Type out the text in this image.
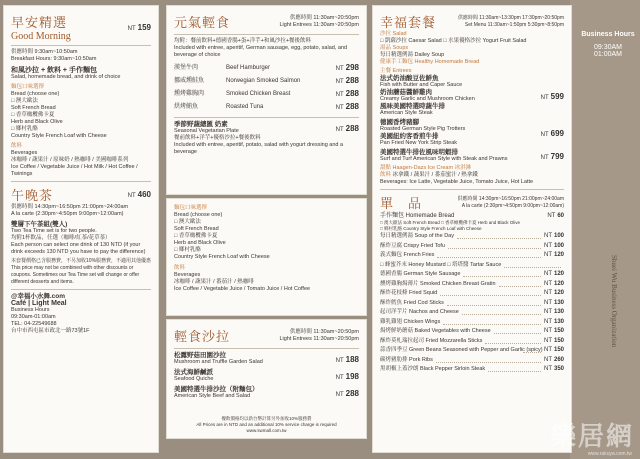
早安精選
Good Morning
NT 159
供應時間 9:30am~10:50am
Breakfast Hours: 9:30am~10:50am
和風沙拉 + 飲料 + 手作麵包
Salad, homemade bread, and drink of choice
麵包口味選擇
Bread (choose one)
□ 澳大歐法
Soft French Bread
□ 香草橄欖佛卡夏
Herb and Black Olive
□ 鄉村乳酪
Country Style French Loaf with Cheese
飲料
Beverages
冰咖啡 / 蔬果汁 / 原味奶 / 熱咖啡 / 美國咖啡系列
Ice Coffee / Vegetable Juice / Hot Milk / Hot Coffee / Twinings
午晚茶	NT 460
供應時間 14:30pm~16:50pm 21:00pm~24:00am
A la carte (2:30pm~4:50pm 9:00pm~12:00am)
雙層下午茶組(雙人)
Two Tea Time set is for two people.
均附1杯飲品，任選（咖啡/紅茶/花草茶）
Each person can select one drink of 130 NTD (if your drink exceeds 130 NTD you have to pay the difference)
本套餐價格已含服務費，不另加收10%服務費，不適用其他優惠
This price may not be combined with other discounts or coupons. Sometimes our Tea Time set will change or offer different desserts and items.
@幸福小水舞.com
Café | Light Meal
Business Hours
09:30am-01:00am
TEL: 04-22549688
台中市西屯區市政北一路73號1F
元氣輕食	供應時間 11:30am~20:50pm
Light Entrees 11:30am~20:50pm
均附：餐前飲料+德國香腸+蛋+洋芋+和風沙拉+餐後飲料
Included with entree, aperitif, German sausage, egg, potato, salad, and beverage of choice
漢堡牛肉	Beef Hamburger	NT 298
挪威燻鮭魚	Norwegian Smoked Salmon	NT 288
燻烤雞胸肉	Smoked Chicken Breast	NT 288
烘烤鮪魚	Roasted Tuna	NT 288
季節野蔬總匯 奶素
Seasonal Vegetarian Plate	NT 288
餐前飲料+洋芋+優格沙拉+餐後飲料
Included with entree, aperitif, potato, salad with yogurt dressing and a beverage
麵包口味選擇
Bread (choose one)
□ 澳大歐法
Soft French Bread
□ 香草橄欖佛卡夏
Herb and Black Olive
□ 鄉村乳酪
Country Style French Loaf with Cheese
飲料
Beverages
冰咖啡 / 蔬果汁 / 番茄汁 / 熱咖啡
Ice Coffee / Vegetable Juice / Tomato Juice / Hot Coffee
輕食沙拉	供應時間 11:30am~20:50pm
Light Entrees 11:30am~20:50pm
松露野菇田園沙拉
Mushroom and Truffle Garden Salad	NT 188
法式海鮮鹹派
Seafood Quiche	NT 198
美國特選牛排沙拉（附麵包）
American Style Beef and Salad	NT 288
餐飲價格均以新台幣計算另外加收10%服務費
All Prices are in NTD and an additional 10% service charge is required
www.swmall.com.tw
幸福套餐	供應時間 11:30am~13:30pm 17:30pm~20:50pm
Set Menu 11:30am~1:50pm 5:30pm~8:50pm
沙拉 Salad
□ 凱薩沙拉 Caesar Salad □ 水果優格沙拉 Yogurt Fruit Salad
湯品 Soups
每日精選例湯 Dailey Soup
健康手工麵包 Healthy Homemade Bread
主餐 Entrees
法式奶油酸豆佐鮮魚
Fish with Butter and Caper Sauce
奶油蘑菇醬鮮雞肉
Creamy Garlic and Mushroom Chicken
風味美國特選時蔬牛排
American Style Steak
NT 599
德國香烤豬腳
Roasted German Style Pig Trotters
美國紐約客香煎牛排
Pan Fried New York Strip Steak
NT 699
美國特選牛排佐風味明蝦排
Surf and Turf American Style with Steak and Prawns	NT 799
甜點 Haagen-Dazs Ice Cream 冰淇淋
飲料 冰拿鐵 / 蔬果汁 / 番茄蜜汁 / 熱拿鐵
Beverages: Ice Latte, Vegetable Juice, Tomato Juice, Hot Latte
單　品	供應時間 14:30pm~16:50pm 21:00pm~24:00am
A la carte (2:30pm~4:50pm 9:00pm~12:00am)
手作麵包 Homemade Bread	NT 60
□ 澳大歐法 Soft French Bread □ 香草橄欖佛卡夏 Herb and Black Olive
□ 鄉村乳酪 Country Style French Loaf with Cheese
每日精選例湯 Soup of the Day	NT 100
酥炸豆腐 Crispy Fried Tofu	NT 100
義式麵包 French Fries	NT 120
□ 蜂蜜芥末 Honey Mustard □ 塔塔醬 Tartar Sauce
德國香腸 German Style Sausage	NT 120
燻烤雞胸焗薄片 Smoked Chicken Breast Gratin	NT 120
酥炸花枝條 Fried Squid	NT 120
酥炸鱈魚 Fried Cod Sticks	NT 130
起司洋芋片 Nachos and Cheese	NT 130
雞乳雞翅 Chicken Wings	NT 130
焗烤鮮奶蘑菇 Baked Vegetables with Cheese	NT 150
酥炸莫札瑞拉起司 Fried Mozzarella Sticks	NT 150
蒜香四季豆 Green Beans Seasoned with Pepper and Garlic (spicy) NT 150
碳烤豬肋排 Pork Ribs	NT 260
黑胡椒上蓋沙朗 Black Pepper Sirloin Steak	NT 350
Business Hours
09:30AM
01:00AM
Shuei Wu Business Organization
樂居網
www.rakuya.com.tw
